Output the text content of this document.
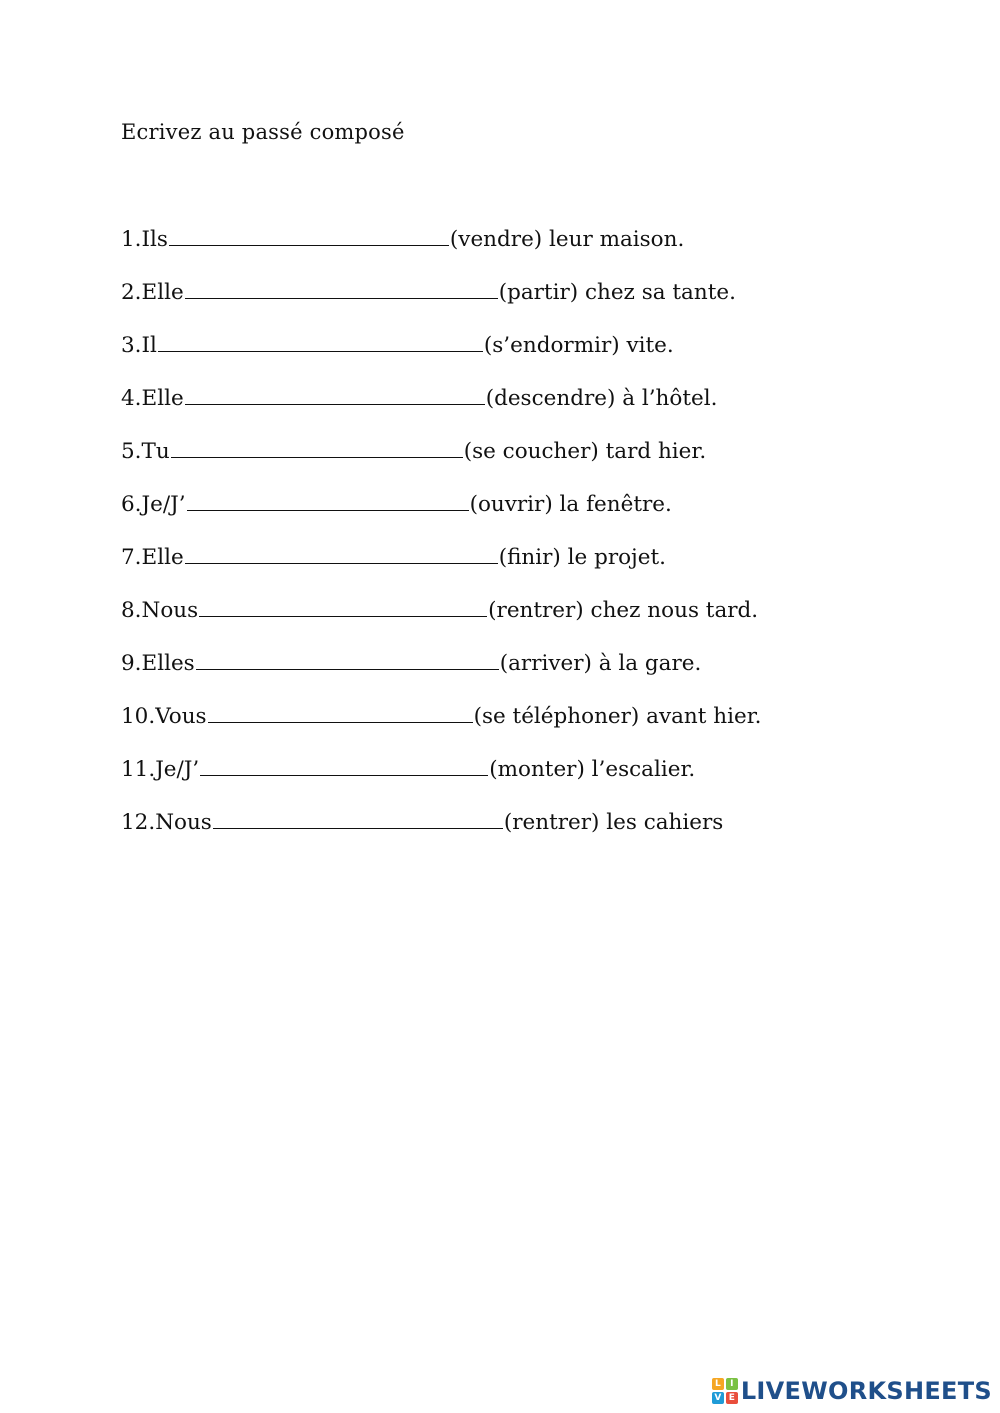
Ecrivez au passé composé
1.Ils	(vendre) leur maison.
2.Elle	(partir) chez sa tante.
3.Il	(s’endormir) vite.
4.Elle	(descendre) à l’hôtel.
5.Tu	(se coucher) tard hier.
6.Je/J’	(ouvrir) la fenêtre.
7.Elle	(finir) le projet.
8.Nous	(rentrer) chez nous tard.
9.Elles	(arriver) à la gare.
10.Vous	(se téléphoner) avant hier.
11.Je/J’	(monter) l’escalier.
12.Nous	(rentrer) les cahiers
L	I
V E LIVEWORKSHEETS
